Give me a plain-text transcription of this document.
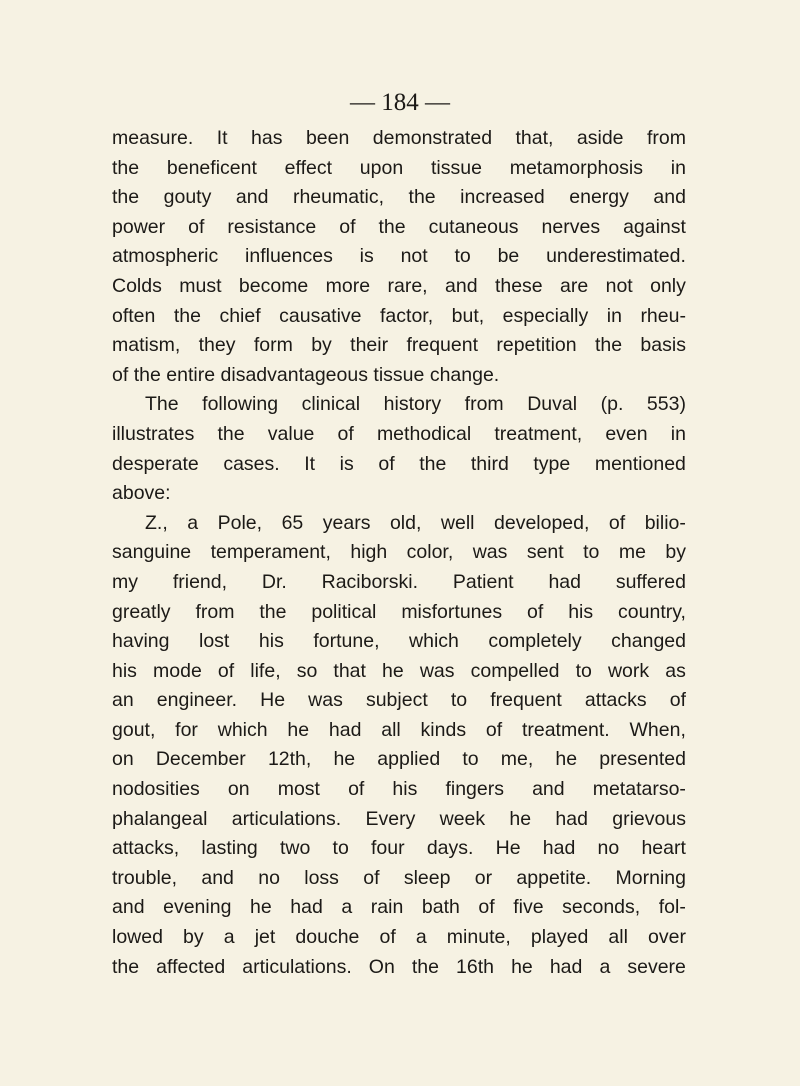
— 184 —
measure. It has been demonstrated that, aside from
the beneficent effect upon tissue metamorphosis in
the gouty and rheumatic, the increased energy and
power of resistance of the cutaneous nerves against
atmospheric influences is not to be underestimated.
Colds must become more rare, and these are not only
often the chief causative factor, but, especially in rheu-
matism, they form by their frequent repetition the basis
of the entire disadvantageous tissue change.
The following clinical history from Duval (p. 553)
illustrates the value of methodical treatment, even in
desperate cases. It is of the third type mentioned
above:
Z., a Pole, 65 years old, well developed, of bilio-
sanguine temperament, high color, was sent to me by
my friend, Dr. Raciborski. Patient had suffered
greatly from the political misfortunes of his country,
having lost his fortune, which completely changed
his mode of life, so that he was compelled to work as
an engineer. He was subject to frequent attacks of
gout, for which he had all kinds of treatment. When,
on December 12th, he applied to me, he presented
nodosities on most of his fingers and metatarso-
phalangeal articulations. Every week he had grievous
attacks, lasting two to four days. He had no heart
trouble, and no loss of sleep or appetite. Morning
and evening he had a rain bath of five seconds, fol-
lowed by a jet douche of a minute, played all over
the affected articulations. On the 16th he had a severe
